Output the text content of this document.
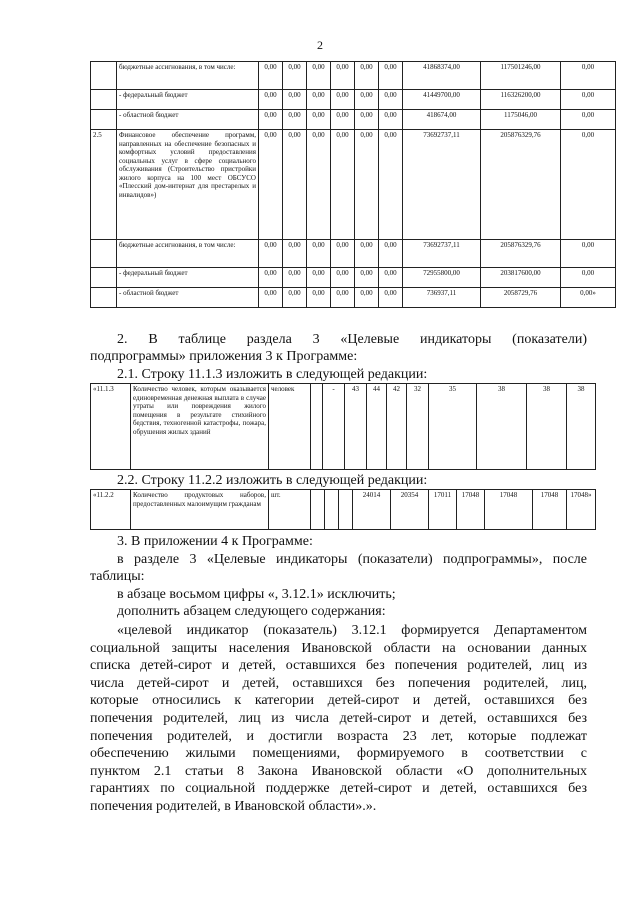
2
	бюджетные ассигнования, в том числе:	0,00	0,00	0,00	0,00	0,00	0,00	41868374,00	117501246,00	0,00
	- федеральный бюджет	0,00	0,00	0,00	0,00	0,00	0,00	41449700,00	116326200,00	0,00
	- областной бюджет	0,00	0,00	0,00	0,00	0,00	0,00	418674,00	1175046,00	0,00
2.5	Финансовое обеспечение программ, направленных на обеспечение безопасных и комфортных условий предоставления социальных услуг в сфере социального обслуживания (Строительство пристройки жилого корпуса на 100 мест ОБСУСО «Плесский дом-интернат для престарелых и инвалидов»)	0,00	0,00	0,00	0,00	0,00	0,00	73692737,11	205876329,76	0,00
	бюджетные ассигнования, в том числе:	0,00	0,00	0,00	0,00	0,00	0,00	73692737,11	205876329,76	0,00
	- федеральный бюджет	0,00	0,00	0,00	0,00	0,00	0,00	72955800,00	203817600,00	0,00
	- областной бюджет	0,00	0,00	0,00	0,00	0,00	0,00	736937,11	2058729,76	0,00»
2. В таблице раздела 3 «Целевые индикаторы (показатели)
подпрограммы» приложения 3 к Программе:
2.1. Строку 11.1.3 изложить в следующей редакции:
«11.1.3	Количество человек, которым оказывается единовременная денежная выплата в случае утраты или повреждения жилого помещения в результате стихийного бедствия, техногенной катастрофы, пожара, обрушения жилых зданий	человек		-	43	44	42	32	35	38	38	38
2.2. Строку 11.2.2 изложить в следующей редакции:
«11.2.2	Количество продуктовых наборов, предоставленных малоимущим гражданам	шт.				24014	20354	17011	17048	17048	17048	17048»
3. В приложении 4 к Программе:
в разделе 3 «Целевые индикаторы (показатели) подпрограммы», после
таблицы:
в абзаце восьмом цифры «, 3.12.1» исключить;
дополнить абзацем следующего содержания:
«целевой индикатор (показатель) 3.12.1 формируется Департаментом
социальной защиты населения Ивановской области на основании данных
списка детей-сирот и детей, оставшихся без попечения родителей, лиц из
числа детей-сирот и детей, оставшихся без попечения родителей, лиц,
которые относились к категории детей-сирот и детей, оставшихся без
попечения родителей, лиц из числа детей-сирот и детей, оставшихся без
попечения родителей, и достигли возраста 23 лет, которые подлежат
обеспечению жилыми помещениями, формируемого в соответствии с
пунктом 2.1 статьи 8 Закона Ивановской области «О дополнительных
гарантиях по социальной поддержке детей-сирот и детей, оставшихся без
попечения родителей, в Ивановской области».».
